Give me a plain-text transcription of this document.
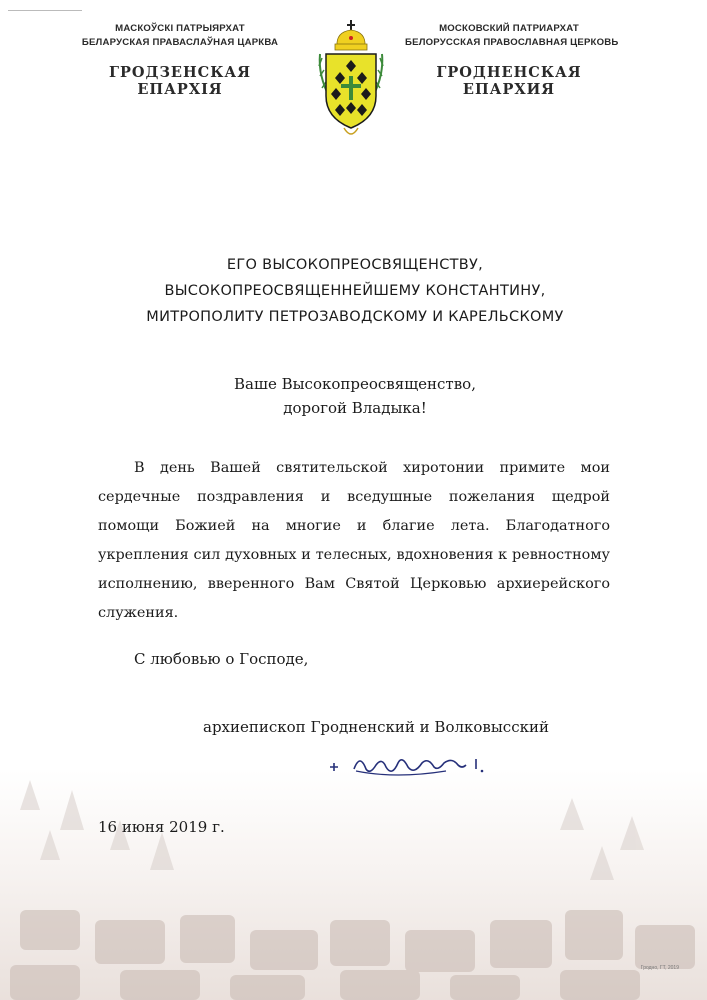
МАСКОЎСКІ ПАТРЫЯРХАТ
БЕЛАРУСКАЯ ПРАВАСЛАЎНАЯ ЦАРКВА
ГРОДЗЕНСКАЯ
ЕПАРХІЯ
МОСКОВСКИЙ ПАТРИАРХАТ
БЕЛОРУССКАЯ ПРАВОСЛАВНАЯ ЦЕРКОВЬ
ГРОДНЕНСКАЯ
ЕПАРХИЯ
ЕГО ВЫСОКОПРЕОСВЯЩЕНСТВУ,
ВЫСОКОПРЕОСВЯЩЕННЕЙШЕМУ КОНСТАНТИНУ,
МИТРОПОЛИТУ ПЕТРОЗАВОДСКОМУ И КАРЕЛЬСКОМУ
Ваше Высокопреосвященство,
дорогой Владыка!

В день Вашей святительской хиротонии примите мои сердечные поздравления и вседушные пожелания щедрой помощи Божией на многие и благие лета. Благодатного укрепления сил духовных и телесных, вдохновения к ревностному исполнению, вверенного Вам Святой Церковью архиерейского служения.

С любовью о Господе,
архиепископ Гродненский и Волковысский
16 июня 2019 г.
Гродно, ГТ, 2019
